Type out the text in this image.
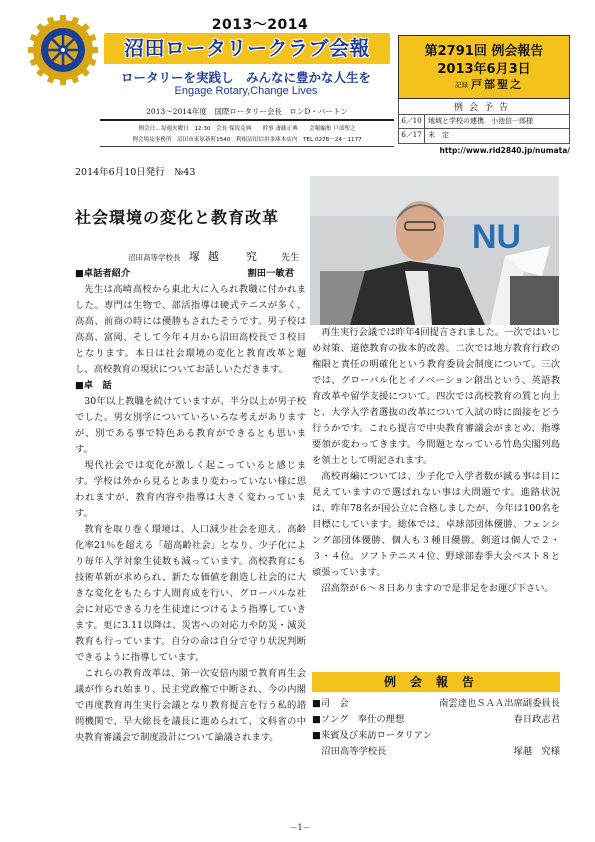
2013～2014
沼田ロータリークラブ会報
ロータリーを実践し　みんなに豊かな人生を
Engage Rotary,Change Lives
2013～2014年度　国際ロータリー会長　ロンD・バートン
例会日…毎週火曜日　12:30　会長 保坂克典　　幹事 斎藤正典　　会報編集 戸部聖之
例会場及事務所　沼田市東原新町1540　利根沼田信用金庫本店内　TEL 0278－24－1177
第2791回 例会報告
2013年6月3日
記録 戸部聖之
例会予告
6／10 地域と学校の連携　小池信一郎様
6／17 未　定
http://www.rid2840.jp/numata/
2014年6月10日発行　№43
NU
社会環境の変化と教育改革
沼田高等学校長 塚越　究 先生
■卓話者紹介	割田一敏君

先生は高崎高校から東北大に入られ教職に付かれました。専門は生物で、部活指導は硬式テニスが多く、高高、前商の時には優勝もされたそうです。男子校は高高、富岡、そして今年４月から沼田高校長で３校目となります。本日は社会環境の変化と教育改革と題し、高校教育の現状についてお話しいただきます。

■卓　話

30年以上教職を続けていますが、半分以上が男子校でした。男女別学についていろいろな考えがありますが、別である事で特色ある教育ができるとも思います。

現代社会では変化が激しく起こっていると感じます。学校は外から見るとあまり変わっていない様に思われますが、教育内容や指導は大きく変わっています。

教育を取り巻く環境は、人口減少社会を迎え、高齢化率21％を超える「超高齢社会」となり、少子化により毎年入学対象生徒数も減っています。高校教育にも技術革新が求められ、新たな価値を創造し社会的に大きな変化をもたらす人間育成を行い、グローバルな社会に対応できる力を生徒達につけるよう指導していきます。更に3.11以降は、災害への対応力や防災・減災教育も行っています。自分の命は自分で守り状況判断できるように指導しています。

これらの教育改革は、第一次安倍内閣で教育再生会議が作られ始まり、民主党政権で中断され、今の内閣で再度教育再生実行会議となり教育提言を行う私的諮問機関で、早大総長を議長に進められて、文科省の中央教育審議会で制度設計について論議されます。

再生実行会議では昨年4回提言されました。一次ではいじめ対策、道徳教育の抜本的改善。二次では地方教育行政の権限と責任の明確化という教育委員会制度について。三次では、グローバル化とイノベーション創出という、英語教育改革や留学支援について。四次では高校教育の質と向上と、大学入学者選抜の改革について入試の時に面接をどう行うかです。これら提言で中央教育審議会がまとめ、指導要領が変わってきます。今問題となっている竹島尖閣列島を領土として明記されます。

高校再編については、少子化で入学者数が減る事は目に見えていますので選ばれない事は大問題です。進路状況は、昨年78名が国公立に合格しましたが、今年は100名を目標にしています。総体では、卓球部団体優勝、フェンシング部団体優勝、個人も３種目優勝。剣道は個人で２・３・４位。ソフトテニス４位、野球部春季大会ベスト８と頑張っています。

沼高祭が６～８日ありますので是非足をお運び下さい。

例会報告
■司　会	南雲達也ＳＡＡ出席副委員長
■ソング　奉仕の理想	春日政志君
■来賓及び来訪ロータリアン
　沼田高等学校長	塚越　究様
－1－
